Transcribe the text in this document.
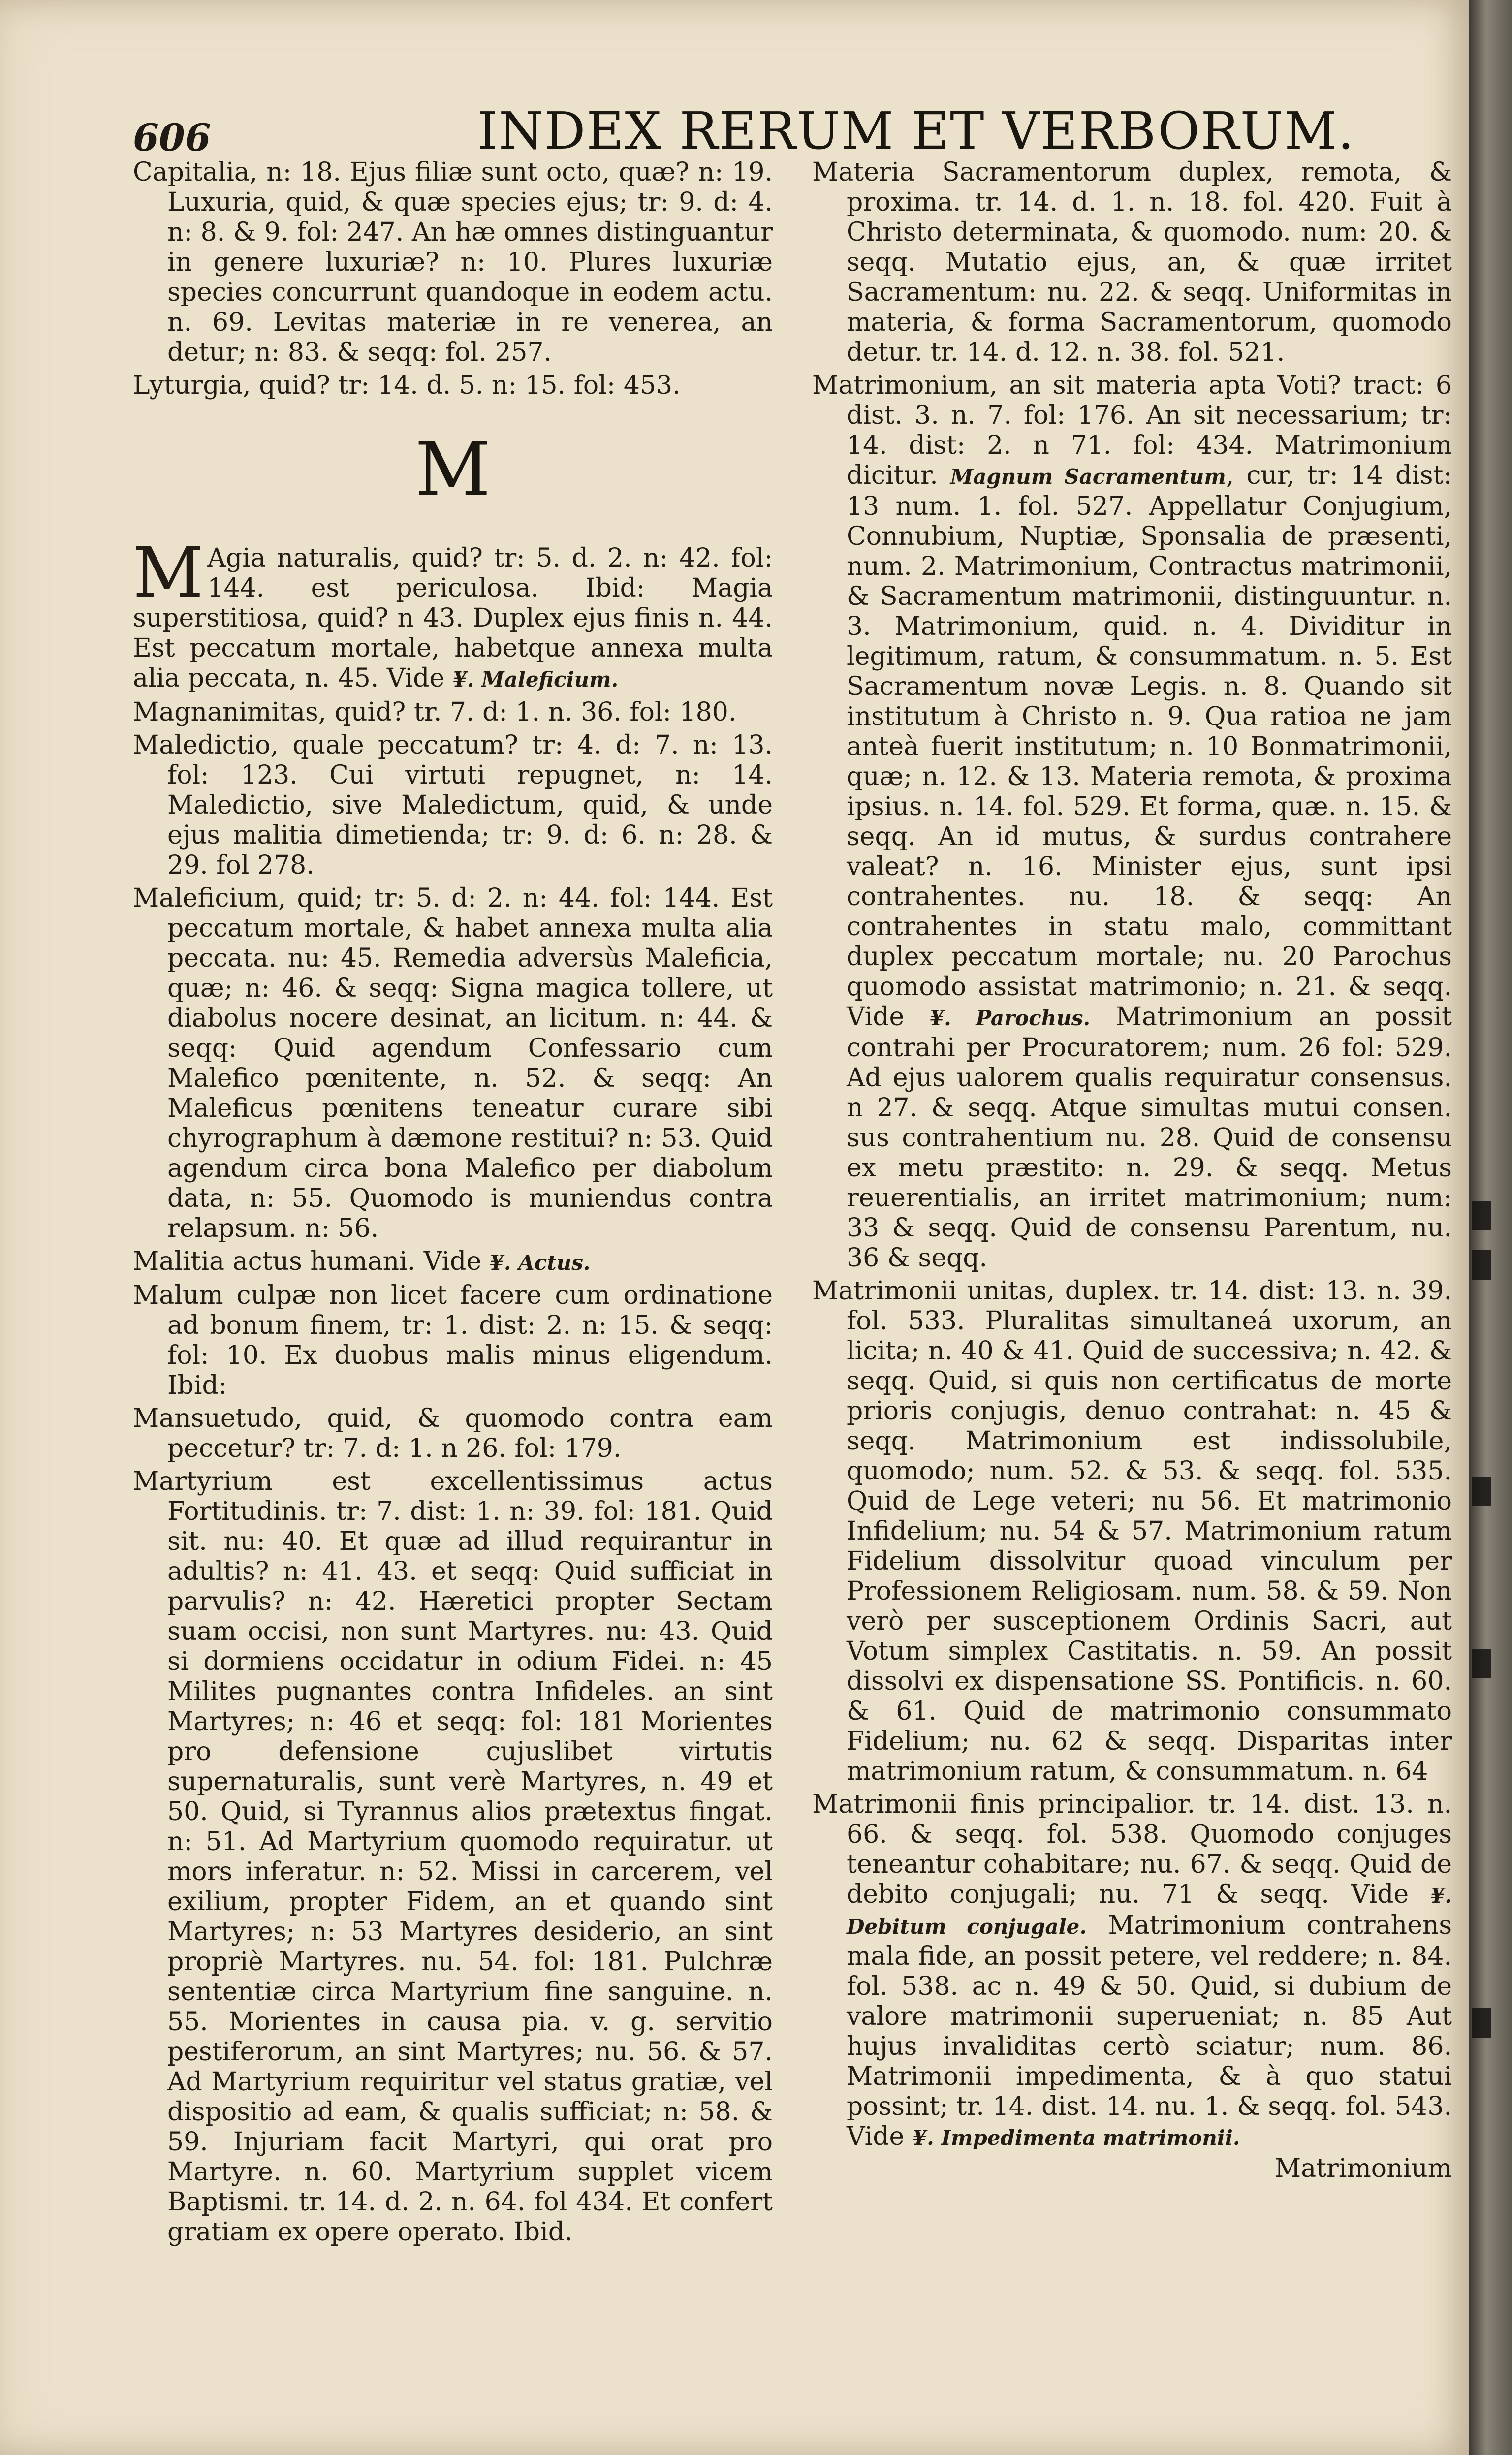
606	INDEX RERUM ET VERBORUM.

Capitalia, n: 18. Ejus filiæ sunt octo, quæ? n: 19. Luxuria, quid, & quæ species ejus; tr: 9. d: 4. n: 8. & 9. fol: 247. An hæ omnes distinguantur in genere luxuriæ? n: 10. Plures luxuriæ species concurrunt quandoque in eodem actu. n. 69. Levitas materiæ in re venerea, an detur; n: 83. & seqq: fol. 257.

Lyturgia, quid? tr: 14. d. 5. n: 15. fol: 453.

M

M Agia naturalis, quid? tr: 5. d. 2. n: 42. fol: 144. est periculosa. Ibid: Magia superstitiosa, quid? n 43. Duplex ejus finis n. 44. Est peccatum mortale, habetque annexa multa alia peccata, n. 45. Vide ¥. Maleficium.

Magnanimitas, quid? tr. 7. d: 1. n. 36. fol: 180.

Maledictio, quale peccatum? tr: 4. d: 7. n: 13. fol: 123. Cui virtuti repugnet, n: 14. Maledictio, sive Maledictum, quid, & unde ejus malitia dimetienda; tr: 9. d: 6. n: 28. & 29. fol 278.

Maleficium, quid; tr: 5. d: 2. n: 44. fol: 144. Est peccatum mortale, & habet annexa multa alia peccata. nu: 45. Remedia adversùs Maleficia, quæ; n: 46. & seqq: Signa magica tollere, ut diabolus nocere desinat, an licitum. n: 44. & seqq: Quid agendum Confessario cum Malefico pœnitente, n. 52. & seqq: An Maleficus pœnitens teneatur curare sibi chyrographum à dæmone restitui? n: 53. Quid agendum circa bona Malefico per diabolum data, n: 55. Quomodo is muniendus contra relapsum. n: 56.

Malitia actus humani. Vide ¥. Actus.

Malum culpæ non licet facere cum ordinatione ad bonum finem, tr: 1. dist: 2. n: 15. & seqq: fol: 10. Ex duobus malis minus eligendum. Ibid:

Mansuetudo, quid, & quomodo contra eam peccetur? tr: 7. d: 1. n 26. fol: 179.

Martyrium est excellentissimus actus Fortitudinis. tr: 7. dist: 1. n: 39. fol: 181. Quid sit. nu: 40. Et quæ ad illud requirantur in adultis? n: 41. 43. et seqq: Quid sufficiat in parvulis? n: 42. Hæretici propter Sectam suam occisi, non sunt Martyres. nu: 43. Quid si dormiens occidatur in odium Fidei. n: 45 Milites pugnantes contra Infideles. an sint Martyres; n: 46 et seqq: fol: 181 Morientes pro defensione cujuslibet virtutis supernaturalis, sunt verè Martyres, n. 49 et 50. Quid, si Tyrannus alios prætextus fingat. n: 51. Ad Martyrium quomodo requiratur. ut mors inferatur. n: 52. Missi in carcerem, vel exilium, propter Fidem, an et quando sint Martyres; n: 53 Martyres desiderio, an sint propriè Martyres. nu. 54. fol: 181. Pulchræ sententiæ circa Martyrium fine sanguine. n. 55. Morientes in causa pia. v. g. servitio pestiferorum, an sint Martyres; nu. 56. & 57. Ad Martyrium requiritur vel status gratiæ, vel dispositio ad eam, & qualis sufficiat; n: 58. & 59. Injuriam facit Martyri, qui orat pro Martyre. n. 60. Martyrium supplet vicem Baptismi. tr. 14. d. 2. n. 64. fol 434. Et confert gratiam ex opere operato. Ibid.

Materia Sacramentorum duplex, remota, & proxima. tr. 14. d. 1. n. 18. fol. 420. Fuit à Christo determinata, & quomodo. num: 20. & seqq. Mutatio ejus, an, & quæ irritet Sacramentum: nu. 22. & seqq. Uniformitas in materia, & forma Sacramentorum, quomodo detur. tr. 14. d. 12. n. 38. fol. 521.

Matrimonium, an sit materia apta Voti? tract: 6 dist. 3. n. 7. fol: 176. An sit necessarium; tr: 14. dist: 2. n 71. fol: 434. Matrimonium dicitur. Magnum Sacramentum, cur, tr: 14 dist: 13 num. 1. fol. 527. Appellatur Conjugium, Connubium, Nuptiæ, Sponsalia de præsenti, num. 2. Matrimonium, Contractus matrimonii, & Sacramentum matrimonii, distinguuntur. n. 3. Matrimonium, quid. n. 4. Dividitur in legitimum, ratum, & consummatum. n. 5. Est Sacramentum novæ Legis. n. 8. Quando sit institutum à Christo n. 9. Qua ratioa ne jam anteà fuerit institutum; n. 10 Bonmatrimonii, quæ; n. 12. & 13. Materia remota, & proxima ipsius. n. 14. fol. 529. Et forma, quæ. n. 15. & seqq. An id mutus, & surdus contrahere valeat? n. 16. Minister ejus, sunt ipsi contrahentes. nu. 18. & seqq: An contrahentes in statu malo, committant duplex peccatum mortale; nu. 20 Parochus quomodo assistat matrimonio; n. 21. & seqq. Vide ¥. Parochus. Matrimonium an possit contrahi per Procuratorem; num. 26 fol: 529. Ad ejus ualorem qualis requiratur consensus. n 27. & seqq. Atque simultas mutui consen. sus contrahentium nu. 28. Quid de consensu ex metu præstito: n. 29. & seqq. Metus reuerentialis, an irritet matrimonium; num: 33 & seqq. Quid de consensu Parentum, nu. 36 & seqq.

Matrimonii unitas, duplex. tr. 14. dist: 13. n. 39. fol. 533. Pluralitas simultaneá uxorum, an licita; n. 40 & 41. Quid de successiva; n. 42. & seqq. Quid, si quis non certificatus de morte prioris conjugis, denuo contrahat: n. 45 & seqq. Matrimonium est indissolubile, quomodo; num. 52. & 53. & seqq. fol. 535. Quid de Lege veteri; nu 56. Et matrimonio Infidelium; nu. 54 & 57. Matrimonium ratum Fidelium dissolvitur quoad vinculum per Professionem Religiosam. num. 58. & 59. Non verò per susceptionem Ordinis Sacri, aut Votum simplex Castitatis. n. 59. An possit dissolvi ex dispensatione SS. Pontificis. n. 60. & 61. Quid de matrimonio consummato Fidelium; nu. 62 & seqq. Disparitas inter matrimonium ratum, & consummatum. n. 64

Matrimonii finis principalior. tr. 14. dist. 13. n. 66. & seqq. fol. 538. Quomodo conjuges teneantur cohabitare; nu. 67. & seqq. Quid de debito conjugali; nu. 71 & seqq. Vide ¥. Debitum conjugale. Matrimonium contrahens mala fide, an possit petere, vel reddere; n. 84. fol. 538. ac n. 49 & 50. Quid, si dubium de valore matrimonii superueniat; n. 85 Aut hujus invaliditas certò sciatur; num. 86. Matrimonii impedimenta, & à quo statui possint; tr. 14. dist. 14. nu. 1. & seqq. fol. 543. Vide ¥. Impedimenta matrimonii.

Matrimonium
